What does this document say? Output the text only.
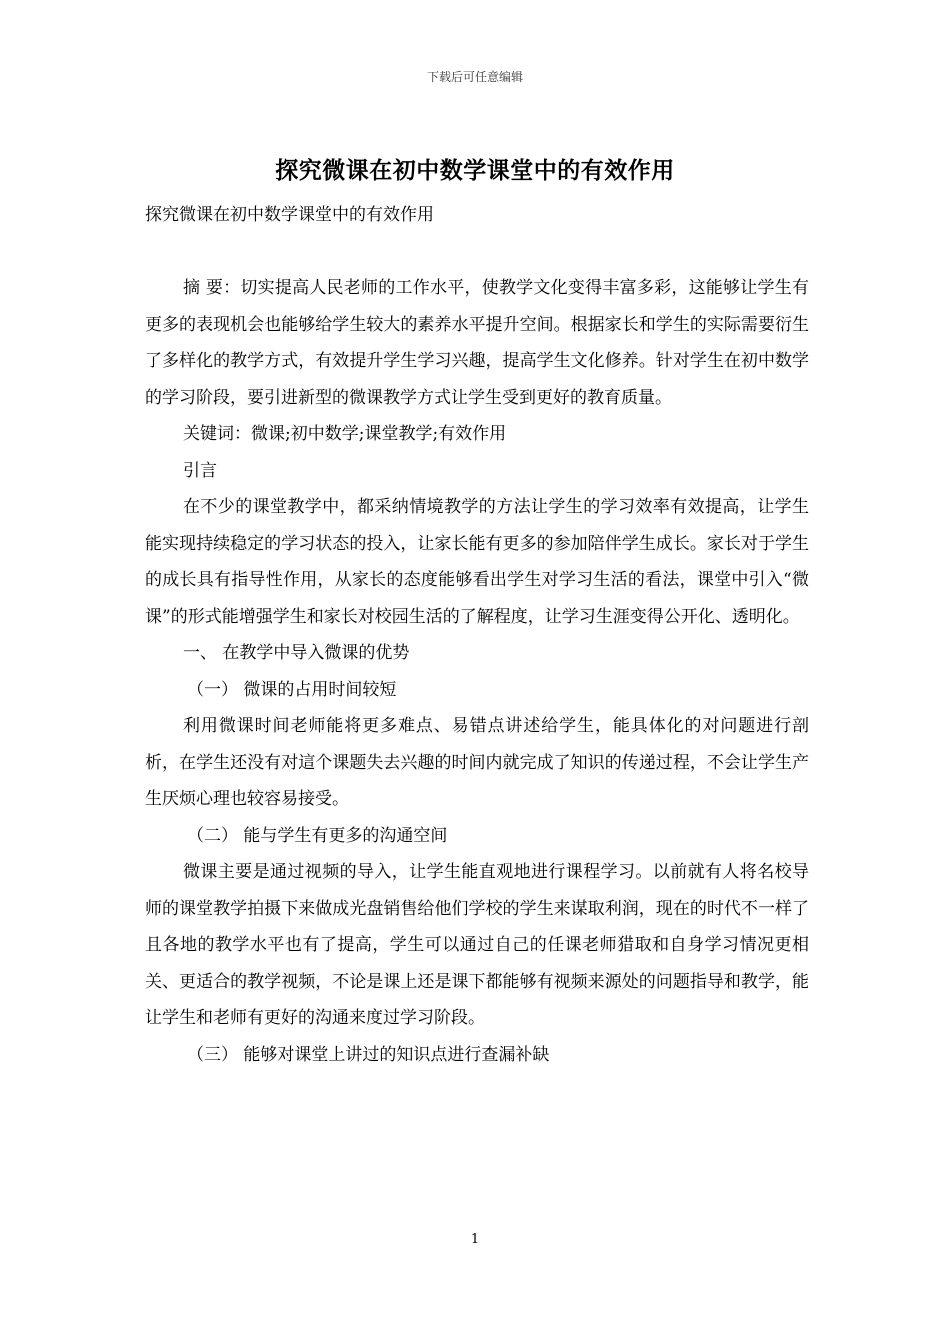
下载后可任意编辑
探究微课在初中数学课堂中的有效作用
探究微课在初中数学课堂中的有效作用

摘 要：切实提高人民老师的工作水平，使教学文化变得丰富多彩，这能够让学生有更多的表现机会也能够给学生较大的素养水平提升空间。根据家长和学生的实际需要衍生了多样化的教学方式，有效提升学生学习兴趣，提高学生文化修养。针对学生在初中数学的学习阶段，要引进新型的微课教学方式让学生受到更好的教育质量。

关键词：微课;初中数学;课堂教学;有效作用

引言

在不少的课堂教学中，都采纳情境教学的方法让学生的学习效率有效提高，让学生能实现持续稳定的学习状态的投入，让家长能有更多的参加陪伴学生成长。家长对于学生的成长具有指导性作用，从家长的态度能够看出学生对学习生活的看法，课堂中引入“微课”的形式能增强学生和家长对校园生活的了解程度，让学习生涯变得公开化、透明化。

一、 在教学中导入微课的优势

（一） 微课的占用时间较短

利用微课时间老师能将更多难点、易错点讲述给学生，能具体化的对问题进行剖析，在学生还没有对這个课题失去兴趣的时间内就完成了知识的传递过程，不会让学生产生厌烦心理也较容易接受。

（二） 能与学生有更多的沟通空间

微课主要是通过视频的导入，让学生能直观地进行课程学习。以前就有人将名校导师的课堂教学拍摄下来做成光盘销售给他们学校的学生来谋取利润，现在的时代不一样了且各地的教学水平也有了提高，学生可以通过自己的任课老师猎取和自身学习情况更相关、更适合的教学视频，不论是课上还是课下都能够有视频来源处的问题指导和教学，能让学生和老师有更好的沟通来度过学习阶段。

（三） 能够对课堂上讲过的知识点进行查漏补缺

1
